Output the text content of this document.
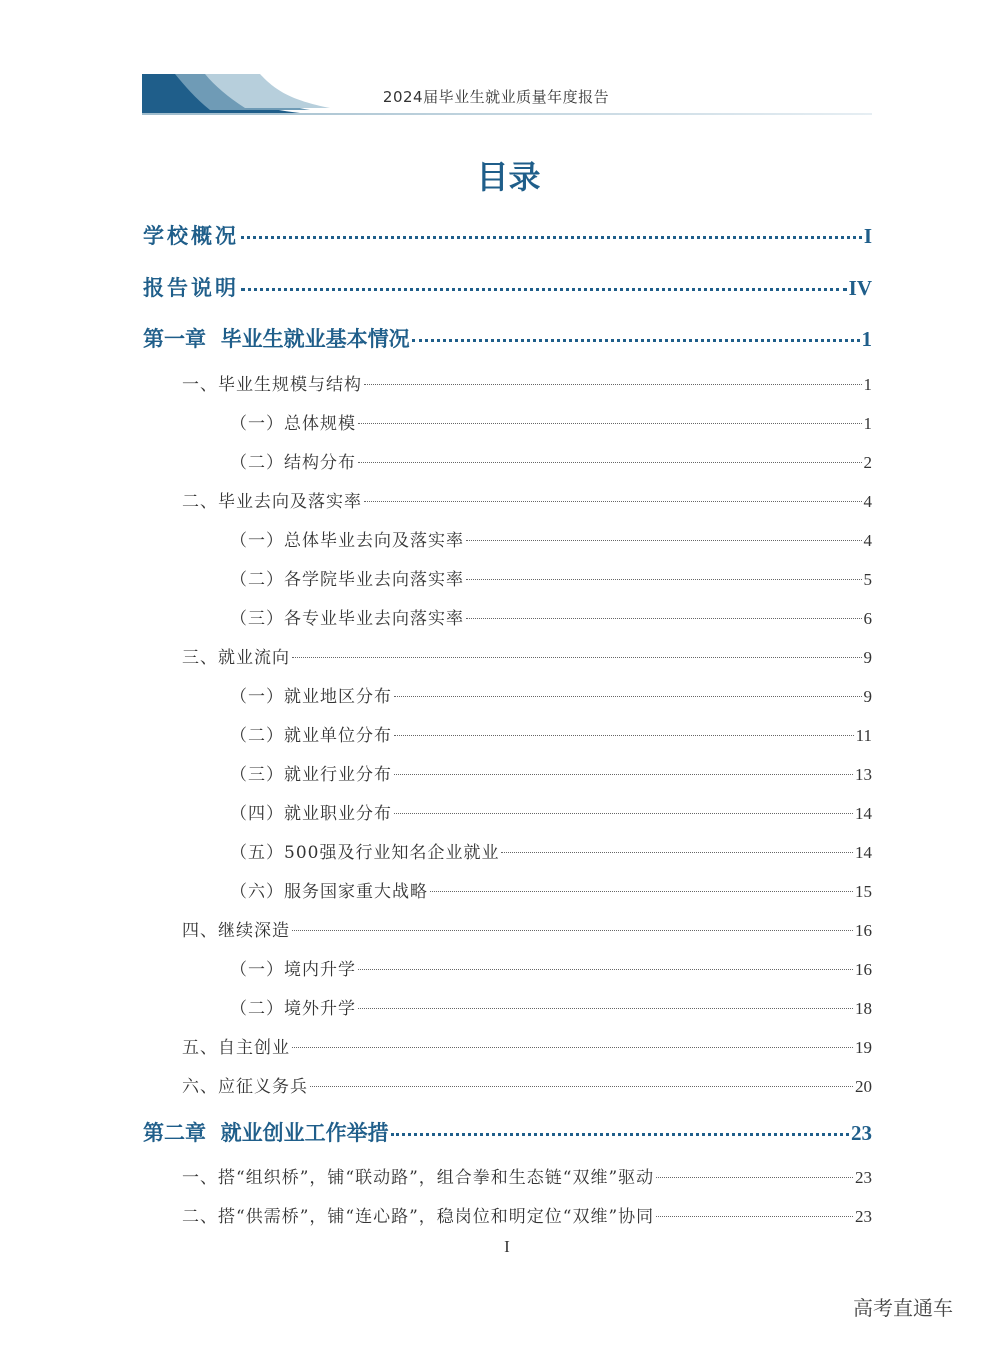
2024届毕业生就业质量年度报告
目录
学校概况	I
报告说明	IV
第一章  毕业生就业基本情况	1
一、毕业生规模与结构	1
（一）总体规模	1
（二）结构分布	2
二、毕业去向及落实率	4
（一）总体毕业去向及落实率	4
（二）各学院毕业去向落实率	5
（三）各专业毕业去向落实率	6
三、就业流向	9
（一）就业地区分布	9
（二）就业单位分布	11
（三）就业行业分布	13
（四）就业职业分布	14
（五）500强及行业知名企业就业	14
（六）服务国家重大战略	15
四、继续深造	16
（一）境内升学	16
（二）境外升学	18
五、自主创业	19
六、应征义务兵	20
第二章  就业创业工作举措	23
一、搭“组织桥”，铺“联动路”，组合拳和生态链“双维”驱动	23
二、搭“供需桥”，铺“连心路”，稳岗位和明定位“双维”协同	23
I
高考直通车
